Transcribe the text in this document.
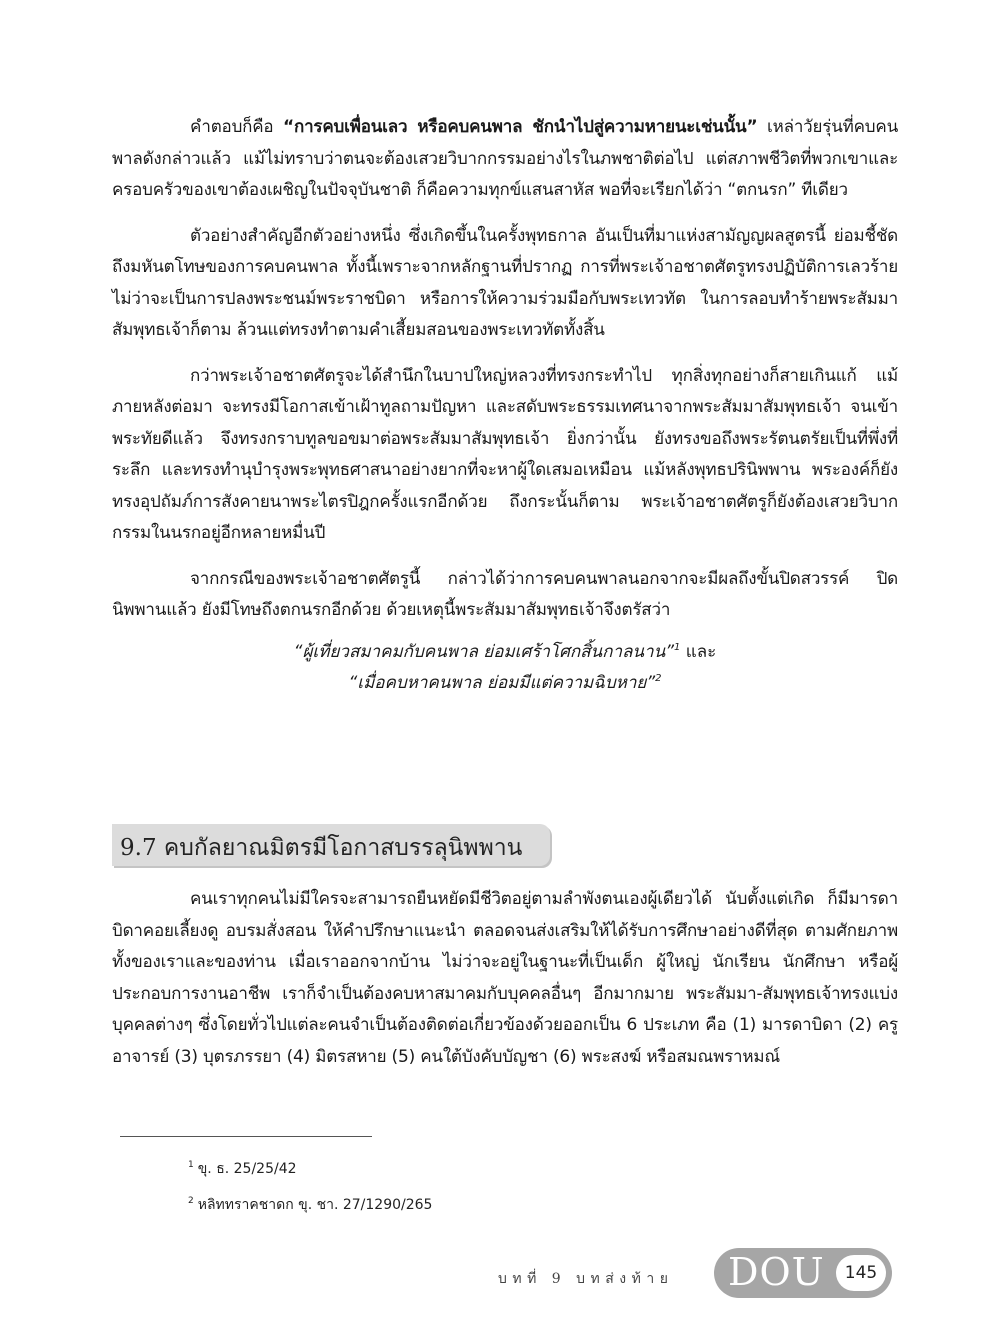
คำตอบก็คือ “การคบเพื่อนเลว หรือคบคนพาล ชักนำไปสู่ความหายนะเช่นนั้น” เหล่าวัยรุ่นที่คบคนพาลดังกล่าวแล้ว แม้ไม่ทราบว่าตนจะต้องเสวยวิบากกรรมอย่างไรในภพชาติต่อไป แต่สภาพชีวิตที่พวกเขาและครอบครัวของเขาต้องเผชิญในปัจจุบันชาติ ก็คือความทุกข์แสนสาหัส พอที่จะเรียกได้ว่า “ตกนรก” ทีเดียว

ตัวอย่างสำคัญอีกตัวอย่างหนึ่ง ซึ่งเกิดขึ้นในครั้งพุทธกาล อันเป็นที่มาแห่งสามัญญผลสูตรนี้ ย่อมชี้ชัดถึงมหันตโทษของการคบคนพาล ทั้งนี้เพราะจากหลักฐานที่ปรากฏ การที่พระเจ้าอชาตศัตรูทรงปฏิบัติการเลวร้าย ไม่ว่าจะเป็นการปลงพระชนม์พระราชบิดา หรือการให้ความร่วมมือกับพระเทวทัต ในการลอบทำร้ายพระสัมมาสัมพุทธเจ้าก็ตาม ล้วนแต่ทรงทำตามคำเสี้ยมสอนของพระเทวทัตทั้งสิ้น

กว่าพระเจ้าอชาตศัตรูจะได้สำนึกในบาปใหญ่หลวงที่ทรงกระทำไป ทุกสิ่งทุกอย่างก็สายเกินแก้ แม้ภายหลังต่อมา จะทรงมีโอกาสเข้าเฝ้าทูลถามปัญหา และสดับพระธรรมเทศนาจากพระสัมมาสัมพุทธเจ้า จนเข้าพระทัยดีแล้ว จึงทรงกราบทูลขอขมาต่อพระสัมมาสัมพุทธเจ้า ยิ่งกว่านั้น ยังทรงขอถึงพระรัตนตรัยเป็นที่พึ่งที่ระลึก และทรงทำนุบำรุงพระพุทธศาสนาอย่างยากที่จะหาผู้ใดเสมอเหมือน แม้หลังพุทธปรินิพพาน พระองค์ก็ยังทรงอุปถัมภ์การสังคายนาพระไตรปิฎกครั้งแรกอีกด้วย ถึงกระนั้นก็ตาม พระเจ้าอชาตศัตรูก็ยังต้องเสวยวิบากกรรมในนรกอยู่อีกหลายหมื่นปี

จากกรณีของพระเจ้าอชาตศัตรูนี้ กล่าวได้ว่าการคบคนพาลนอกจากจะมีผลถึงขั้นปิดสวรรค์ ปิดนิพพานแล้ว ยังมีโทษถึงตกนรกอีกด้วย ด้วยเหตุนี้พระสัมมาสัมพุทธเจ้าจึงตรัสว่า

“ผู้เที่ยวสมาคมกับคนพาล ย่อมเศร้าโศกสิ้นกาลนาน”$^1$ และ

“เมื่อคบหาคนพาล ย่อมมีแต่ความฉิบหาย”$^2$

9.7 คบกัลยาณมิตรมีโอกาสบรรลุนิพพาน

คนเราทุกคนไม่มีใครจะสามารถยืนหยัดมีชีวิตอยู่ตามลำพังตนเองผู้เดียวได้ นับตั้งแต่เกิด ก็มีมารดาบิดาคอยเลี้ยงดู อบรมสั่งสอน ให้คำปรึกษาแนะนำ ตลอดจนส่งเสริมให้ได้รับการศึกษาอย่างดีที่สุด ตามศักยภาพทั้งของเราและของท่าน เมื่อเราออกจากบ้าน ไม่ว่าจะอยู่ในฐานะที่เป็นเด็ก ผู้ใหญ่ นักเรียน นักศึกษา หรือผู้ประกอบการงานอาชีพ เราก็จำเป็นต้องคบหาสมาคมกับบุคคลอื่นๆ อีกมากมาย พระสัมมา-สัมพุทธเจ้าทรงแบ่งบุคคลต่างๆ ซึ่งโดยทั่วไปแต่ละคนจำเป็นต้องติดต่อเกี่ยวข้องด้วยออกเป็น 6 ประเภท คือ (1) มารดาบิดา (2) ครูอาจารย์ (3) บุตรภรรยา (4) มิตรสหาย (5) คนใต้บังคับบัญชา (6) พระสงฆ์ หรือสมณพราหมณ์

$^1$ ขุ. ธ. 25/25/42
$^2$ หลิททราคชาดก ขุ. ชา. 27/1290/265
บทที่ 9 บทส่งท้าย DOU	145
